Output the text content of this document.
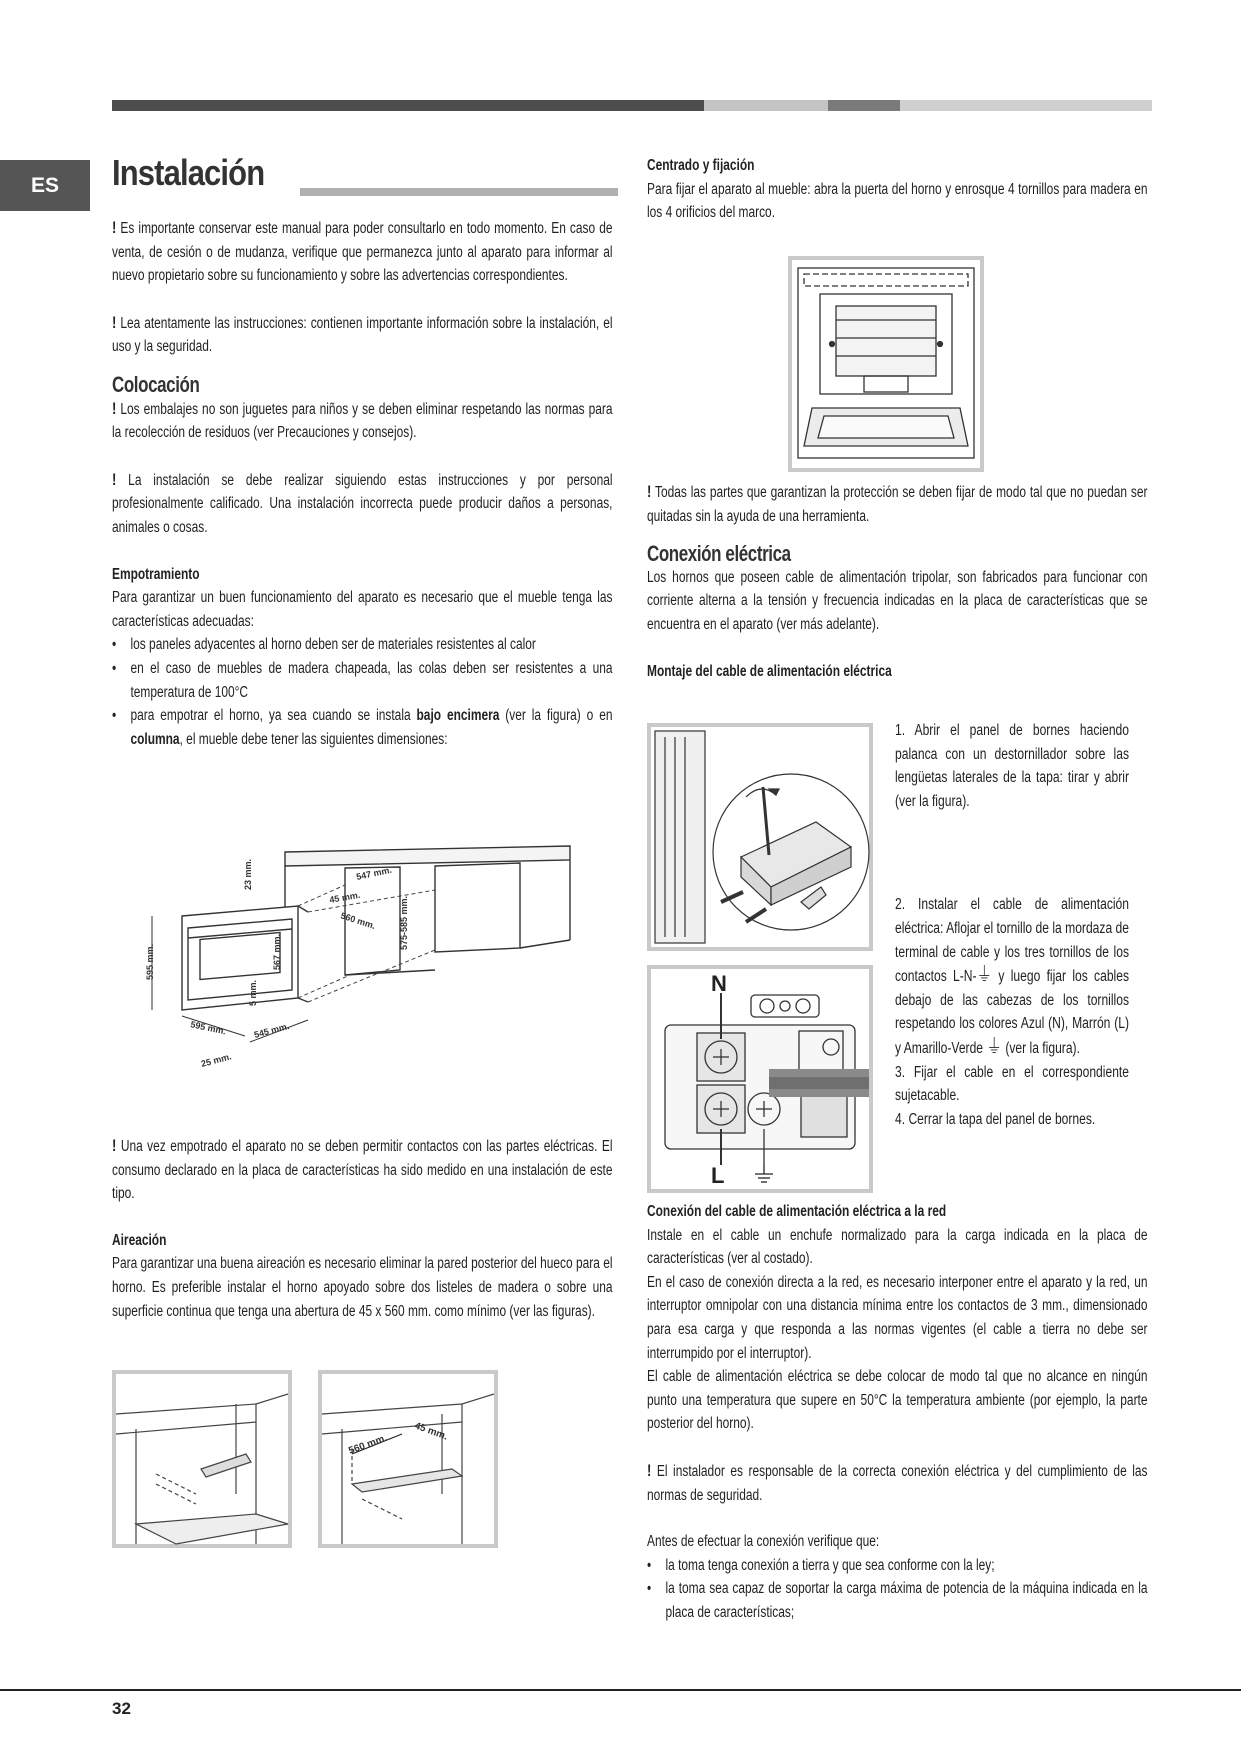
ES	Instalación

! Es importante conservar este manual para poder consultarlo en todo momento. En caso de venta, de cesión o de mudanza, verifique que permanezca junto al aparato para informar al nuevo propietario sobre su funcionamiento y sobre las advertencias correspondientes.

! Lea atentamente las instrucciones: contienen importante información sobre la instalación, el uso y la seguridad.

Colocación

! Los embalajes no son juguetes para niños y se deben eliminar respetando las normas para la recolección de residuos (ver Precauciones y consejos).

! La instalación se debe realizar siguiendo estas instrucciones y por personal profesionalmente calificado. Una instalación incorrecta puede producir daños a personas, animales o cosas.

Empotramiento

Para garantizar un buen funcionamiento del aparato es necesario que el mueble tenga las características adecuadas:

• los paneles adyacentes al horno deben ser de materiales resistentes al calor
• en el caso de muebles de madera chapeada, las colas deben ser resistentes a una temperatura de 100°C
• para empotrar el horno, ya sea cuando se instala bajo encimera (ver la figura) o en columna, el mueble debe tener las siguientes dimensiones:
547 mm.
45 mm.
560 mm. 575-585 mm.
23 mm.
595 mm.	567 mm.
5 mm.
595 mm.	545 mm.
25 mm.

! Una vez empotrado el aparato no se deben permitir contactos con las partes eléctricas. El consumo declarado en la placa de características ha sido medido en una instalación de este tipo.

Aireación

Para garantizar una buena aireación es necesario eliminar la pared posterior del hueco para el horno. Es preferible instalar el horno apoyado sobre dos listeles de madera o sobre una superficie continua que tenga una abertura de 45 x 560 mm. como mínimo (ver las figuras).

560 mm.
45 mm.
Centrado y fijación

Para fijar el aparato al mueble: abra la puerta del horno y enrosque 4 tornillos para madera en los 4 orificios del marco.

! Todas las partes que garantizan la protección se deben fijar de modo tal que no puedan ser quitadas sin la ayuda de una herramienta.

Conexión eléctrica

Los hornos que poseen cable de alimentación tripolar, son fabricados para funcionar con corriente alterna a la tensión y frecuencia indicadas en la placa de características que se encuentra en el aparato (ver más adelante).

Montaje del cable de alimentación eléctrica
N
L

1. Abrir el panel de bornes haciendo palanca con un destornillador sobre las lengüetas laterales de la tapa: tirar y abrir (ver la figura).

2. Instalar el cable de alimentación eléctrica: Aflojar el tornillo de la mordaza de terminal de cable y los tres tornillos de los contactos L-N-⏚ y luego fijar los cables debajo de las cabezas de los tornillos respetando los colores Azul (N), Marrón (L) y Amarillo-Verde ⏚ (ver la figura).

3. Fijar el cable en el correspondiente sujetacable.

4. Cerrar la tapa del panel de bornes.

Conexión del cable de alimentación eléctrica a la red

Instale en el cable un enchufe normalizado para la carga indicada en la placa de características (ver al costado).

En el caso de conexión directa a la red, es necesario interponer entre el aparato y la red, un interruptor omnipolar con una distancia mínima entre los contactos de 3 mm., dimensionado para esa carga y que responda a las normas vigentes (el cable a tierra no debe ser interrumpido por el interruptor).

El cable de alimentación eléctrica se debe colocar de modo tal que no alcance en ningún punto una temperatura que supere en 50°C la temperatura ambiente (por ejemplo, la parte posterior del horno).

! El instalador es responsable de la correcta conexión eléctrica y del cumplimiento de las normas de seguridad.

Antes de efectuar la conexión verifique que:

• la toma tenga conexión a tierra y que sea conforme con la ley;
• la toma sea capaz de soportar la carga máxima de potencia de la máquina indicada en la placa de características;
32
